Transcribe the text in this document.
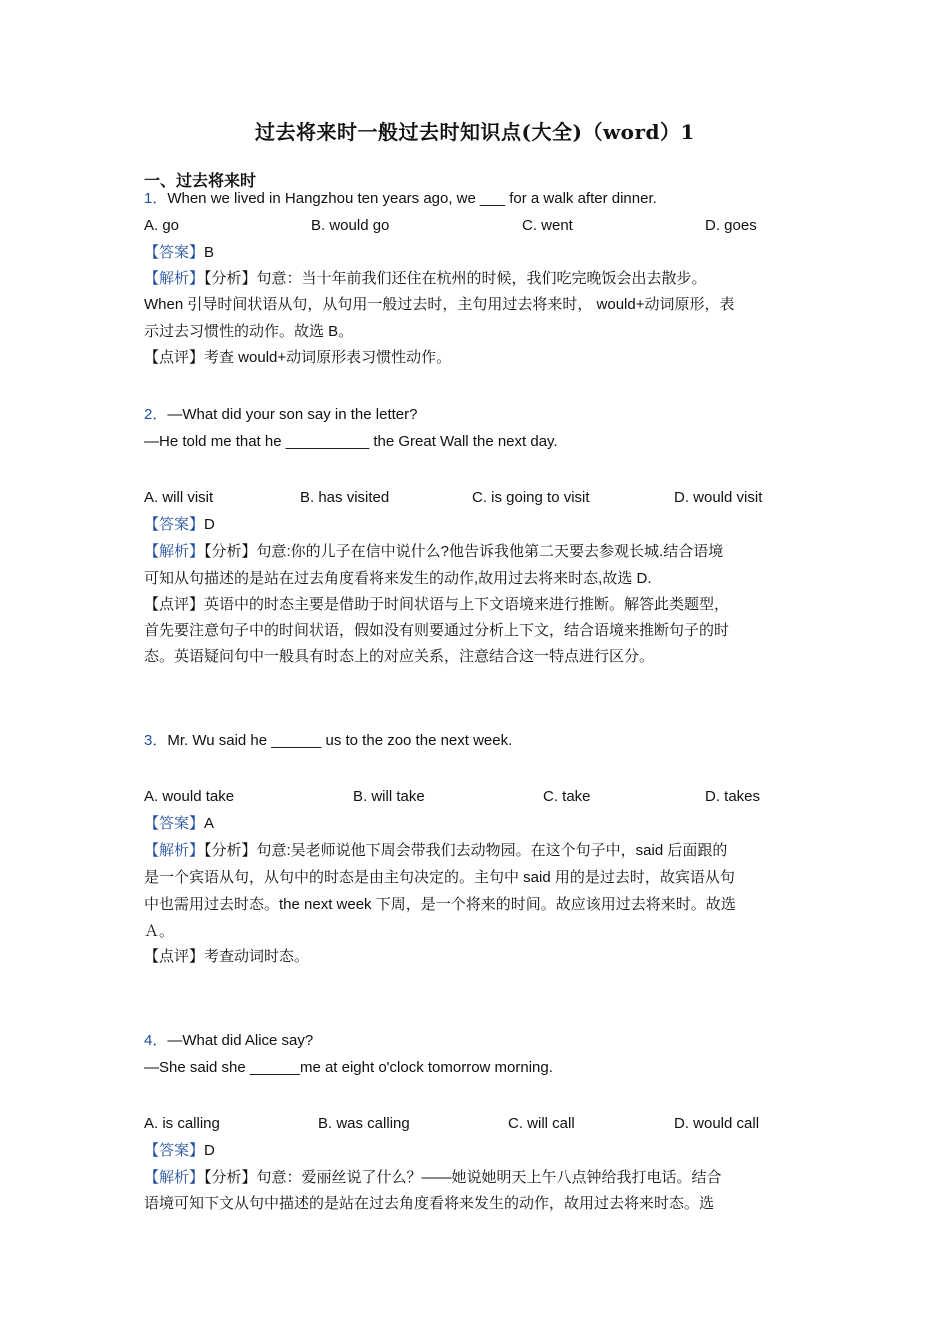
过去将来时一般过去时知识点(大全)（word）1
一、过去将来时
1．When we lived in Hangzhou ten years ago, we ___ for a walk after dinner.
A. go	B. would go	C. went	D. goes
【答案】B
【解析】【分析】句意：当十年前我们还住在杭州的时候，我们吃完晚饭会出去散步。
When 引导时间状语从句，从句用一般过去时，主句用过去将来时， would+动词原形，表
示过去习惯性的动作。故选 B。
【点评】考查 would+动词原形表习惯性动作。
2．—What did your son say in the letter?
—He told me that he __________ the Great Wall the next day.
A. will visit	B. has visited	C. is going to visit	D. would visit
【答案】D
【解析】【分析】句意:你的儿子在信中说什么?他告诉我他第二天要去参观长城.结合语境
可知从句描述的是站在过去角度看将来发生的动作,故用过去将来时态,故选 D.
【点评】英语中的时态主要是借助于时间状语与上下文语境来进行推断。解答此类题型，
首先要注意句子中的时间状语，假如没有则要通过分析上下文，结合语境来推断句子的时
态。英语疑问句中一般具有时态上的对应关系，注意结合这一特点进行区分。
3．Mr. Wu said he ______ us to the zoo the next week.
A. would take	B. will take	C. take	D. takes
【答案】A
【解析】【分析】句意:吴老师说他下周会带我们去动物园。在这个句子中，said 后面跟的
是一个宾语从句，从句中的时态是由主句决定的。主句中 said 用的是过去时，故宾语从句
中也需用过去时态。the next week 下周，是一个将来的时间。故应该用过去将来时。故选
Ａ。
【点评】考查动词时态。
4．—What did Alice say?
—She said she ______me at eight o'clock tomorrow morning.
A. is calling	B. was calling	C. will call	D. would call
【答案】D
【解析】【分析】句意：爱丽丝说了什么？——她说她明天上午八点钟给我打电话。结合
语境可知下文从句中描述的是站在过去角度看将来发生的动作，故用过去将来时态。选
